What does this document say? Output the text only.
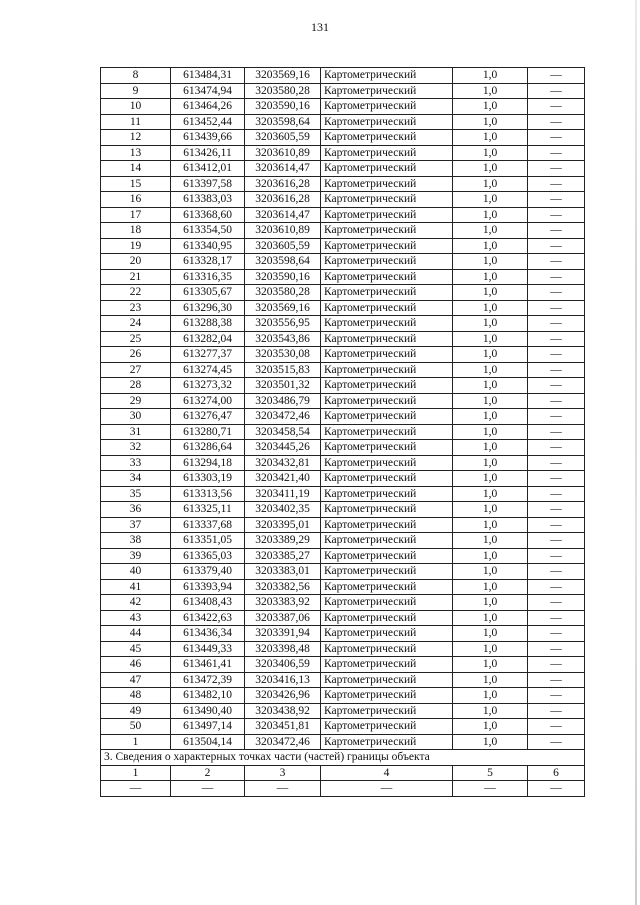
131
8	613484,31	3203569,16	Картометрический	1,0	—
9	613474,94	3203580,28	Картометрический	1,0	—
10	613464,26	3203590,16	Картометрический	1,0	—
11	613452,44	3203598,64	Картометрический	1,0	—
12	613439,66	3203605,59	Картометрический	1,0	—
13	613426,11	3203610,89	Картометрический	1,0	—
14	613412,01	3203614,47	Картометрический	1,0	—
15	613397,58	3203616,28	Картометрический	1,0	—
16	613383,03	3203616,28	Картометрический	1,0	—
17	613368,60	3203614,47	Картометрический	1,0	—
18	613354,50	3203610,89	Картометрический	1,0	—
19	613340,95	3203605,59	Картометрический	1,0	—
20	613328,17	3203598,64	Картометрический	1,0	—
21	613316,35	3203590,16	Картометрический	1,0	—
22	613305,67	3203580,28	Картометрический	1,0	—
23	613296,30	3203569,16	Картометрический	1,0	—
24	613288,38	3203556,95	Картометрический	1,0	—
25	613282,04	3203543,86	Картометрический	1,0	—
26	613277,37	3203530,08	Картометрический	1,0	—
27	613274,45	3203515,83	Картометрический	1,0	—
28	613273,32	3203501,32	Картометрический	1,0	—
29	613274,00	3203486,79	Картометрический	1,0	—
30	613276,47	3203472,46	Картометрический	1,0	—
31	613280,71	3203458,54	Картометрический	1,0	—
32	613286,64	3203445,26	Картометрический	1,0	—
33	613294,18	3203432,81	Картометрический	1,0	—
34	613303,19	3203421,40	Картометрический	1,0	—
35	613313,56	3203411,19	Картометрический	1,0	—
36	613325,11	3203402,35	Картометрический	1,0	—
37	613337,68	3203395,01	Картометрический	1,0	—
38	613351,05	3203389,29	Картометрический	1,0	—
39	613365,03	3203385,27	Картометрический	1,0	—
40	613379,40	3203383,01	Картометрический	1,0	—
41	613393,94	3203382,56	Картометрический	1,0	—
42	613408,43	3203383,92	Картометрический	1,0	—
43	613422,63	3203387,06	Картометрический	1,0	—
44	613436,34	3203391,94	Картометрический	1,0	—
45	613449,33	3203398,48	Картометрический	1,0	—
46	613461,41	3203406,59	Картометрический	1,0	—
47	613472,39	3203416,13	Картометрический	1,0	—
48	613482,10	3203426,96	Картометрический	1,0	—
49	613490,40	3203438,92	Картометрический	1,0	—
50	613497,14	3203451,81	Картометрический	1,0	—
1	613504,14	3203472,46	Картометрический	1,0	—
3. Сведения о характерных точках части (частей) границы объекта					
1	2	3	4	5	6
—	—	—	—	—	—
